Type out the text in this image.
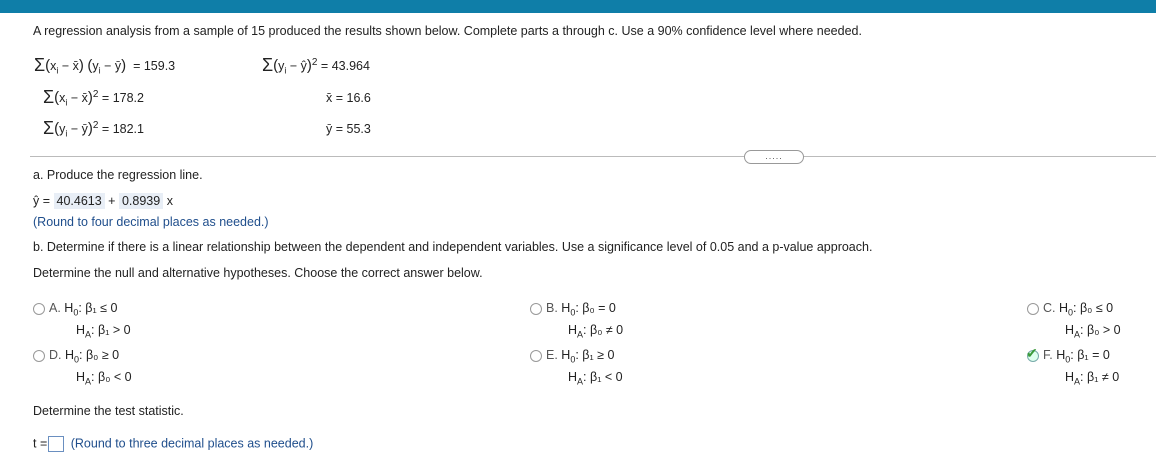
A regression analysis from a sample of 15 produced the results shown below. Complete parts a through c. Use a 90% confidence level where needed.
$\Sigma(x_i$ − x̄) ($y_i$ − ȳ)  = 159.3
$\Sigma(x_i$ − x̄)$^2$ = 178.2
$\Sigma(y_i$ − ȳ)$^2$ = 182.1
$\Sigma(y_i$ − ŷ)$^2$ = 43.964
x̄ = 16.6
ȳ = 55.3
.....
a. Produce the regression line.
ŷ = 40.4613 + 0.8939 x
(Round to four decimal places as needed.)
b. Determine if there is a linear relationship between the dependent and independent variables. Use a significance level of 0.05 and a p-value approach.
Determine the null and alternative hypotheses. Choose the correct answer below.
A. $H_0$: β₁ ≤ 0
$H_A$: β₁ > 0
B. $H_0$: β₀ = 0
$H_A$: β₀ ≠ 0
C. $H_0$: β₀ ≤ 0
$H_A$: β₀ > 0
D. $H_0$: β₀ ≥ 0
$H_A$: β₀ < 0
E. $H_0$: β₁ ≥ 0
$H_A$: β₁ < 0
✔ F. $H_0$: β₁ = 0
$H_A$: β₁ ≠ 0
Determine the test statistic.
t = (Round to three decimal places as needed.)
